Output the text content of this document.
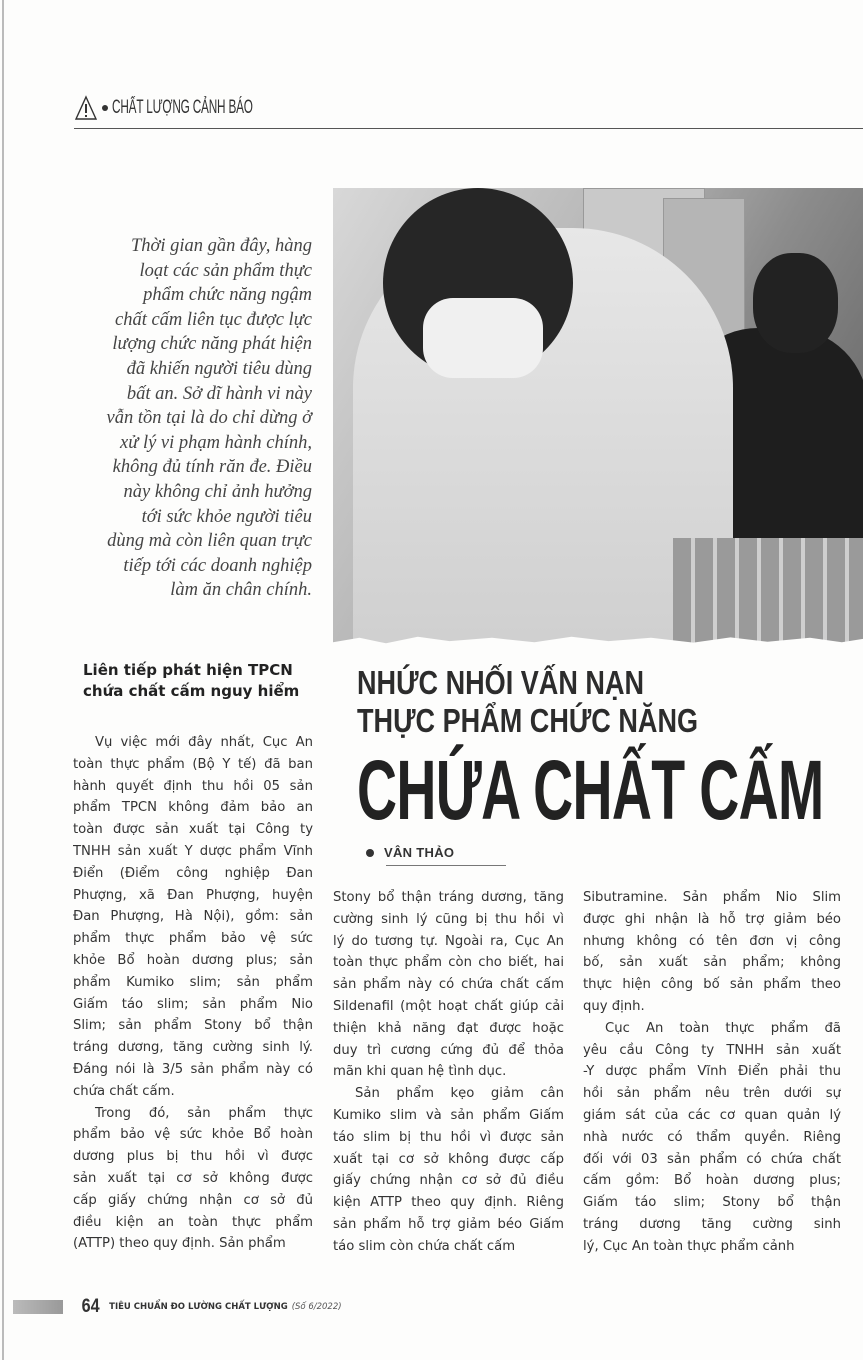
CHẤT LƯỢNG CẢNH BÁO
Thời gian gần đây, hàng
loạt các sản phẩm thực
phẩm chức năng ngậm
chất cấm liên tục được lực
lượng chức năng phát hiện
đã khiến người tiêu dùng
bất an. Sở dĩ hành vi này
vẫn tồn tại là do chỉ dừng ở
xử lý vi phạm hành chính,
không đủ tính răn đe. Điều
này không chỉ ảnh hưởng
tới sức khỏe người tiêu
dùng mà còn liên quan trực
tiếp tới các doanh nghiệp
làm ăn chân chính.
NHỨC NHỐI VẤN NẠN
THỰC PHẨM CHỨC NĂNG
CHỨA CHẤT CẤM
VÂN THẢO
Liên tiếp phát hiện TPCN chứa chất cấm nguy hiểm
Vụ việc mới đây nhất, Cục An
toàn thực phẩm (Bộ Y tế) đã ban
hành quyết định thu hồi 05 sản
phẩm TPCN không đảm bảo an
toàn được sản xuất tại Công ty
TNHH sản xuất Y dược phẩm Vĩnh
Điển (Điểm công nghiệp Đan
Phượng, xã Đan Phượng, huyện
Đan Phượng, Hà Nội), gồm: sản
phẩm thực phẩm bảo vệ sức
khỏe Bổ hoàn dương plus; sản
phẩm Kumiko slim; sản phẩm
Giấm táo slim; sản phẩm Nio
Slim; sản phẩm Stony bổ thận
tráng dương, tăng cường sinh lý.
Đáng nói là 3/5 sản phẩm này có
chứa chất cấm.
Trong đó, sản phẩm thực
phẩm bảo vệ sức khỏe Bổ hoàn
dương plus bị thu hồi vì được
sản xuất tại cơ sở không được
cấp giấy chứng nhận cơ sở đủ
điều kiện an toàn thực phẩm
(ATTP) theo quy định. Sản phẩm
Stony bổ thận tráng dương, tăng
cường sinh lý cũng bị thu hồi vì
lý do tương tự. Ngoài ra, Cục An
toàn thực phẩm còn cho biết, hai
sản phẩm này có chứa chất cấm
Sildenafil (một hoạt chất giúp cải
thiện khả năng đạt được hoặc
duy trì cương cứng đủ để thỏa
mãn khi quan hệ tình dục.
Sản phẩm kẹo giảm cân
Kumiko slim và sản phẩm Giấm
táo slim bị thu hồi vì được sản
xuất tại cơ sở không được cấp
giấy chứng nhận cơ sở đủ điều
kiện ATTP theo quy định. Riêng
sản phẩm hỗ trợ giảm béo Giấm
táo slim còn chứa chất cấm
Sibutramine. Sản phẩm Nio Slim
được ghi nhận là hỗ trợ giảm béo
nhưng không có tên đơn vị công
bố, sản xuất sản phẩm; không
thực hiện công bố sản phẩm theo
quy định.
Cục An toàn thực phẩm đã
yêu cầu Công ty TNHH sản xuất
-Y dược phẩm Vĩnh Điển phải thu
hồi sản phẩm nêu trên dưới sự
giám sát của các cơ quan quản lý
nhà nước có thẩm quyền. Riêng
đối với 03 sản phẩm có chứa chất
cấm gồm: Bổ hoàn dương plus;
Giấm táo slim; Stony bổ thận
tráng dương tăng cường sinh
lý, Cục An toàn thực phẩm cảnh
64 TIÊU CHUẨN ĐO LƯỜNG CHẤT LƯỢNG (Số 6/2022)
